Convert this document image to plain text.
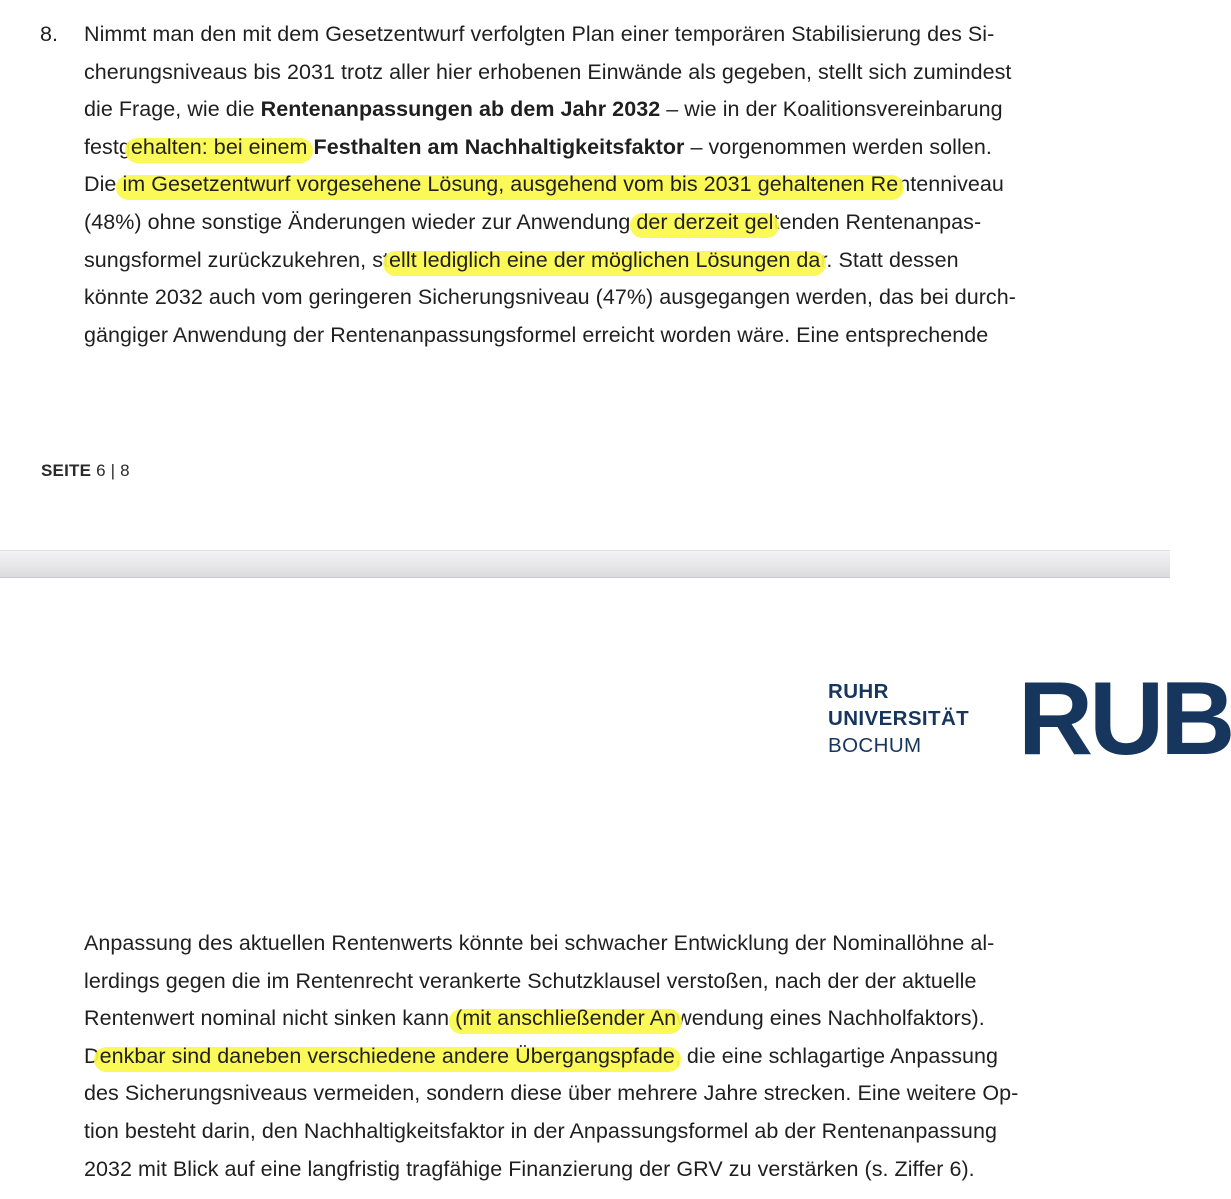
8. Nimmt man den mit dem Gesetzentwurf verfolgten Plan einer temporären Stabilisierung des Si-
cherungsniveaus bis 2031 trotz aller hier erhobenen Einwände als gegeben, stellt sich zumindest
die Frage, wie die Rentenanpassungen ab dem Jahr 2032 – wie in der Koalitionsvereinbarung
festgehalten: bei einem Festhalten am Nachhaltigkeitsfaktor – vorgenommen werden sollen.
Die im Gesetzentwurf vorgesehene Lösung, ausgehend vom bis 2031 gehaltenen Rentenniveau
(48%) ohne sonstige Änderungen wieder zur Anwendung der derzeit geltenden Rentenanpas-
sungsformel zurückzukehren, stellt lediglich eine der möglichen Lösungen dar. Statt dessen
könnte 2032 auch vom geringeren Sicherungsniveau (47%) ausgegangen werden, das bei durch-
gängiger Anwendung der Rentenanpassungsformel erreicht worden wäre. Eine entsprechende
SEITE 6 | 8
RUHR
UNIVERSITÄT
BOCHUM RUB
Anpassung des aktuellen Rentenwerts könnte bei schwacher Entwicklung der Nominallöhne al-
lerdings gegen die im Rentenrecht verankerte Schutzklausel verstoßen, nach der der aktuelle
Rentenwert nominal nicht sinken kann (mit anschließender Anwendung eines Nachholfaktors).
Denkbar sind daneben verschiedene andere Übergangspfade, die eine schlagartige Anpassung
des Sicherungsniveaus vermeiden, sondern diese über mehrere Jahre strecken. Eine weitere Op-
tion besteht darin, den Nachhaltigkeitsfaktor in der Anpassungsformel ab der Rentenanpassung
2032 mit Blick auf eine langfristig tragfähige Finanzierung der GRV zu verstärken (s. Ziffer 6).
